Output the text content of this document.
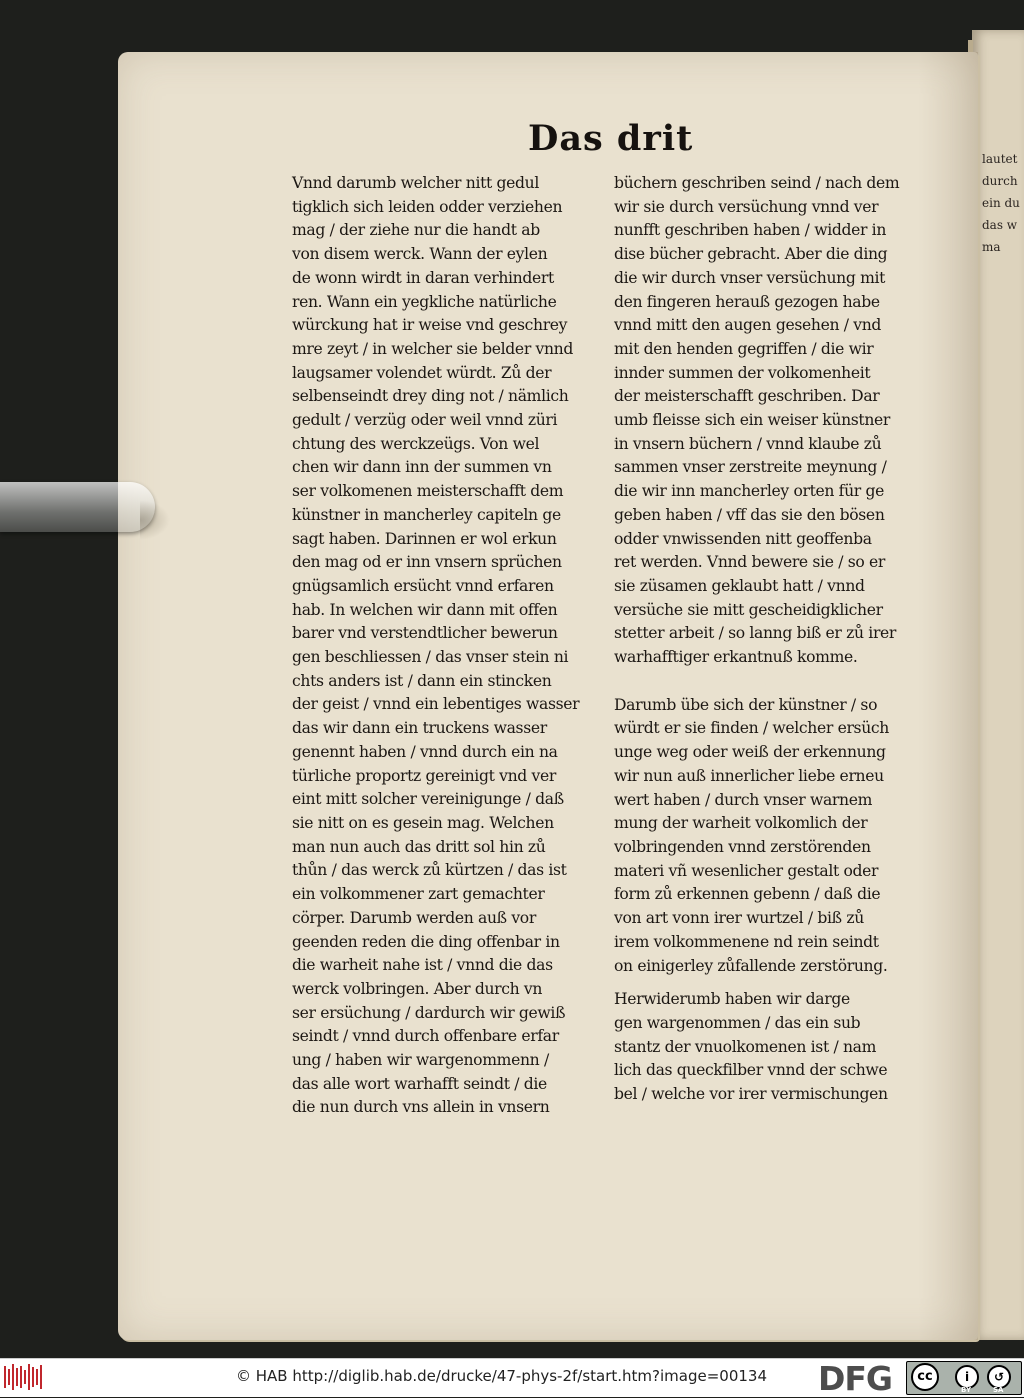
lautet
durch
ein du
das w
ma
Das drit
Vnnd darumb welcher nitt gedul
tigklich sich leiden odder verziehen
mag / der ziehe nur die handt ab
von disem werck. Wann der eylen
de wonn wirdt in daran verhindert
ren. Wann ein yegkliche natürliche
würckung hat ir weise vnd geschrey
mre zeyt / in welcher sie belder vnnd
laugsamer volendet würdt. Zů der
selbenseindt drey ding not / nämlich
gedult / verzüg oder weil vnnd züri
chtung des werckzeügs. Von wel
chen wir dann inn der summen vn
ser volkomenen meisterschafft dem
künstner in mancherley capiteln ge
sagt haben. Darinnen er wol erkun
den mag od er inn vnsern sprüchen
gnügsamlich ersücht vnnd erfaren
hab. In welchen wir dann mit offen
barer vnd verstendtlicher bewerun
gen beschliessen / das vnser stein ni
chts anders ist / dann ein stincken
der geist / vnnd ein lebentiges wasser
das wir dann ein truckens wasser
genennt haben / vnnd durch ein na
türliche proportz gereinigt vnd ver
eint mitt solcher vereinigunge / daß
sie nitt on es gesein mag. Welchen
man nun auch das dritt sol hin zů
thůn / das werck zů kürtzen / das ist
ein volkommener zart gemachter
cörper. Darumb werden auß vor
geenden reden die ding offenbar in
die warheit nahe ist / vnnd die das
werck volbringen. Aber durch vn
ser ersüchung / dardurch wir gewiß
seindt / vnnd durch offenbare erfar
ung / haben wir wargenommenn /
das alle wort warhafft seindt / die
die nun durch vns allein in vnsern
büchern geschriben seind / nach dem
wir sie durch versüchung vnnd ver
nunfft geschriben haben / widder in
dise bücher gebracht. Aber die ding
die wir durch vnser versüchung mit
den fingeren herauß gezogen habe
vnnd mitt den augen gesehen / vnd
mit den henden gegriffen / die wir
innder summen der volkomenheit
der meisterschafft geschriben. Dar
umb fleisse sich ein weiser künstner
in vnsern büchern / vnnd klaube zů
sammen vnser zerstreite meynung /
die wir inn mancherley orten für ge
geben haben / vff das sie den bösen
odder vnwissenden nitt geoffenba
ret werden. Vnnd bewere sie / so er
sie züsamen geklaubt hatt / vnnd
versüche sie mitt gescheidigklicher
stetter arbeit / so lanng biß er zů irer
warhafftiger erkantnuß komme.
Darumb übe sich der künstner / so
würdt er sie finden / welcher ersüch
unge weg oder weiß der erkennung
wir nun auß innerlicher liebe erneu
wert haben / durch vnser warnem
mung der warheit volkomlich der
volbringenden vnnd zerstörenden
materi vñ wesenlicher gestalt oder
form zů erkennen gebenn / daß die
von art vonn irer wurtzel / biß zů
irem volkommenene nd rein seindt
on einigerley zůfallende zerstörung.
Herwiderumb haben wir darge
gen wargenommen / das ein sub
stantz der vnuolkomenen ist / nam
lich das queckfilber vnnd der schwe
bel / welche vor irer vermischungen
© HAB http://diglib.hab.de/drucke/47-phys-2f/start.htm?image=00134 DFG	cc	i	↺
BY	SA
